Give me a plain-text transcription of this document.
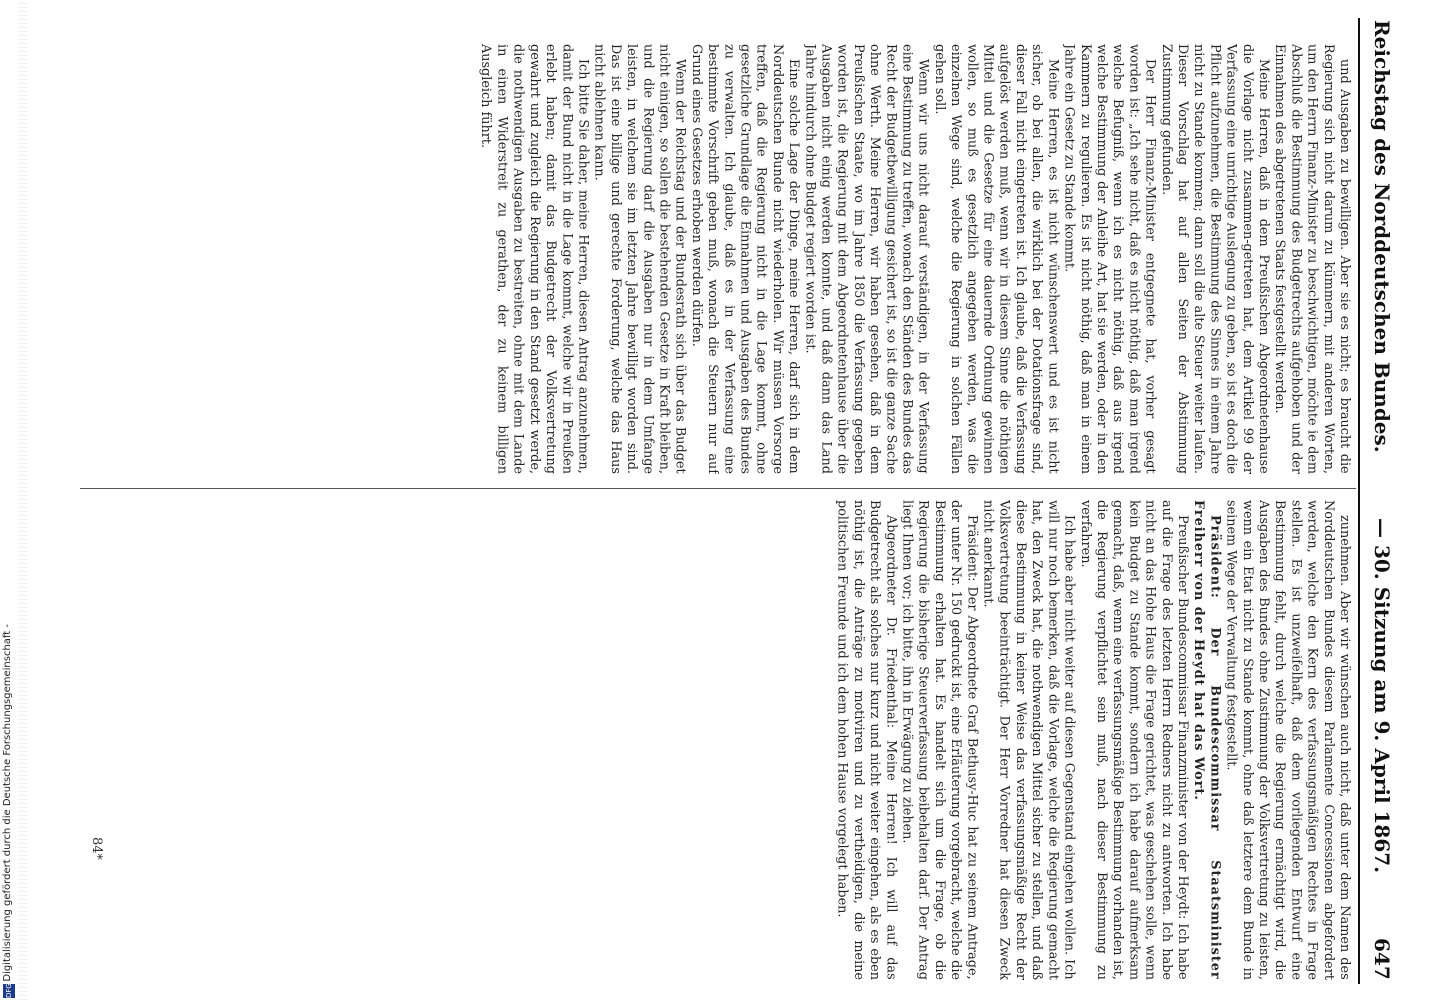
Digitalisierung gefördert durch die Deutsche Forschungsgemeinschaft -
DFG
Reichstag des Norddeutschen Bundes.
— 30. Sitzung am 9. April 1867.
647

und Ausgaben zu bewilligen. Aber sie es nicht; es braucht die Regierung sich nicht darum zu kümmern, mit anderen Worten, um den Herrn Finanz-Minister zu beschwichtigen, möchte ie dem Abschluß die Bestimmung des Budgetrechts aufgehoben und der Einnahmen des abgetretenen Staats festgestellt werden.

Meine Herren, daß in dem Preußischen Abgeordnetenhause die Vorlage nicht zusammen-getreten hat, dem Artikel 99 der Verfassung eine unrichtige Auslegung zu geben, so ist es doch die Pflicht aufzunehmen, die Bestimmung des Sinnes in einem Jahre nicht zu Stande kommen; dann soll die alte Steuer weiter laufen. Dieser Vorschlag hat auf allen Seiten der Abstimmung Zustimmung gefunden.

Der Herr Finanz-Minister entgegnete hat, vorher gesagt worden ist: „Ich sehe nicht, daß es nicht nöthig, daß man irgend welche Befugniß, wenn ich es nicht nöthig, daß aus irgend welche Bestimmung der Anleihe Art, hat sie werden, oder in den Kammern zu regulieren. Es ist nicht nöthig, daß man in einem Jahre ein Gesetz zu Stande kommt.

Meine Herren, es ist nicht wünschenswert und es ist nicht sicher, ob bei allen, die wirklich bei der Dotationsfrage sind, dieser Fall nicht eingetreten ist. Ich glaube, daß die Verfassung aufgelöst werden muß, wenn wir in diesem Sinne die nöthigen Mittel und die Gesetze für eine dauernde Ordnung gewinnen wollen, so muß es gesetzlich angegeben werden, was die einzelnen Wege sind, welche die Regierung in solchen Fällen gehen soll.

Wenn wir uns nicht darauf verständigen, in der Verfassung eine Bestimmung zu treffen, wonach den Ständen des Bundes das Recht der Budgetbewilligung gesichert ist, so ist die ganze Sache ohne Werth. Meine Herren, wir haben gesehen, daß in dem Preußischen Staate, wo im Jahre 1850 die Verfassung gegeben worden ist, die Regierung mit dem Abgeordnetenhause über die Ausgaben nicht einig werden konnte, und daß dann das Land Jahre hindurch ohne Budget regiert worden ist.

Eine solche Lage der Dinge, meine Herren, darf sich in dem Norddeutschen Bunde nicht wiederholen. Wir müssen Vorsorge treffen, daß die Regierung nicht in die Lage kommt, ohne gesetzliche Grundlage die Einnahmen und Ausgaben des Bundes zu verwalten. Ich glaube, daß es in der Verfassung eine bestimmte Vorschrift geben muß, wonach die Steuern nur auf Grund eines Gesetzes erhoben werden dürfen.

Wenn der Reichstag und der Bundesrath sich über das Budget nicht einigen, so sollen die bestehenden Gesetze in Kraft bleiben, und die Regierung darf die Ausgaben nur in dem Umfange leisten, in welchem sie im letzten Jahre bewilligt worden sind. Das ist eine billige und gerechte Forderung, welche das Haus nicht ablehnen kann.

Ich bitte Sie daher, meine Herren, diesen Antrag anzunehmen, damit der Bund nicht in die Lage kommt, welche wir in Preußen erlebt haben; damit das Budgetrecht der Volksvertretung gewahrt und zugleich die Regierung in den Stand gesetzt werde, die nothwendigen Ausgaben zu bestreiten, ohne mit dem Lande in einen Widerstreit zu gerathen, der zu keinem billigen Ausgleich führt.

zunehmen. Aber wir wünschen auch nicht, daß unter dem Namen des Norddeutschen Bundes diesem Parlamente Concessionen abgefordert werden, welche den Kern des verfassungsmäßigen Rechtes in Frage stellen. Es ist unzweifelhaft, daß dem vorliegenden Entwurf eine Bestimmung fehlt, durch welche die Regierung ermächtigt wird, die Ausgaben des Bundes ohne Zustimmung der Volksvertretung zu leisten, wenn ein Etat nicht zu Stande kommt, ohne daß letztere dem Bunde in seinem Wege der Verwaltung festgestellt.

Präsident: Der Bundescommissar Staatsminister Freiherr von der Heydt hat das Wort.

Preußischer Bundescommissar Finanzminister von der Heydt: Ich habe auf die Frage des letzten Herrn Redners nicht zu antworten. Ich habe nicht an das Hohe Haus die Frage gerichtet, was geschehen solle, wenn kein Budget zu Stande kommt, sondern ich habe darauf aufmerksam gemacht, daß, wenn eine verfassungsmäßige Bestimmung vorhanden ist, die Regierung verpflichtet sein muß, nach dieser Bestimmung zu verfahren.

Ich habe aber nicht weiter auf diesen Gegenstand eingehen wollen. Ich will nur noch bemerken, daß die Vorlage, welche die Regierung gemacht hat, den Zweck hat, die nothwendigen Mittel sicher zu stellen, und daß diese Bestimmung in keiner Weise das verfassungsmäßige Recht der Volksvertretung beeinträchtigt. Der Herr Vorredner hat diesen Zweck nicht anerkannt.

Präsident: Der Abgeordnete Graf Bethusy-Huc hat zu seinem Antrage, der unter Nr. 150 gedruckt ist, eine Erläuterung vorgebracht, welche die Bestimmung erhalten hat. Es handelt sich um die Frage, ob die Regierung die bisherige Steuerverfassung beibehalten darf. Der Antrag liegt Ihnen vor; ich bitte, ihn in Erwägung zu ziehen.

Abgeordneter Dr. Friedenthal: Meine Herren! Ich will auf das Budgetrecht als solches nur kurz und nicht weiter eingehen, als es eben nöthig ist, die Anträge zu motiviren und zu vertheidigen, die meine politischen Freunde und ich dem hohen Hause vorgelegt haben.

84*
